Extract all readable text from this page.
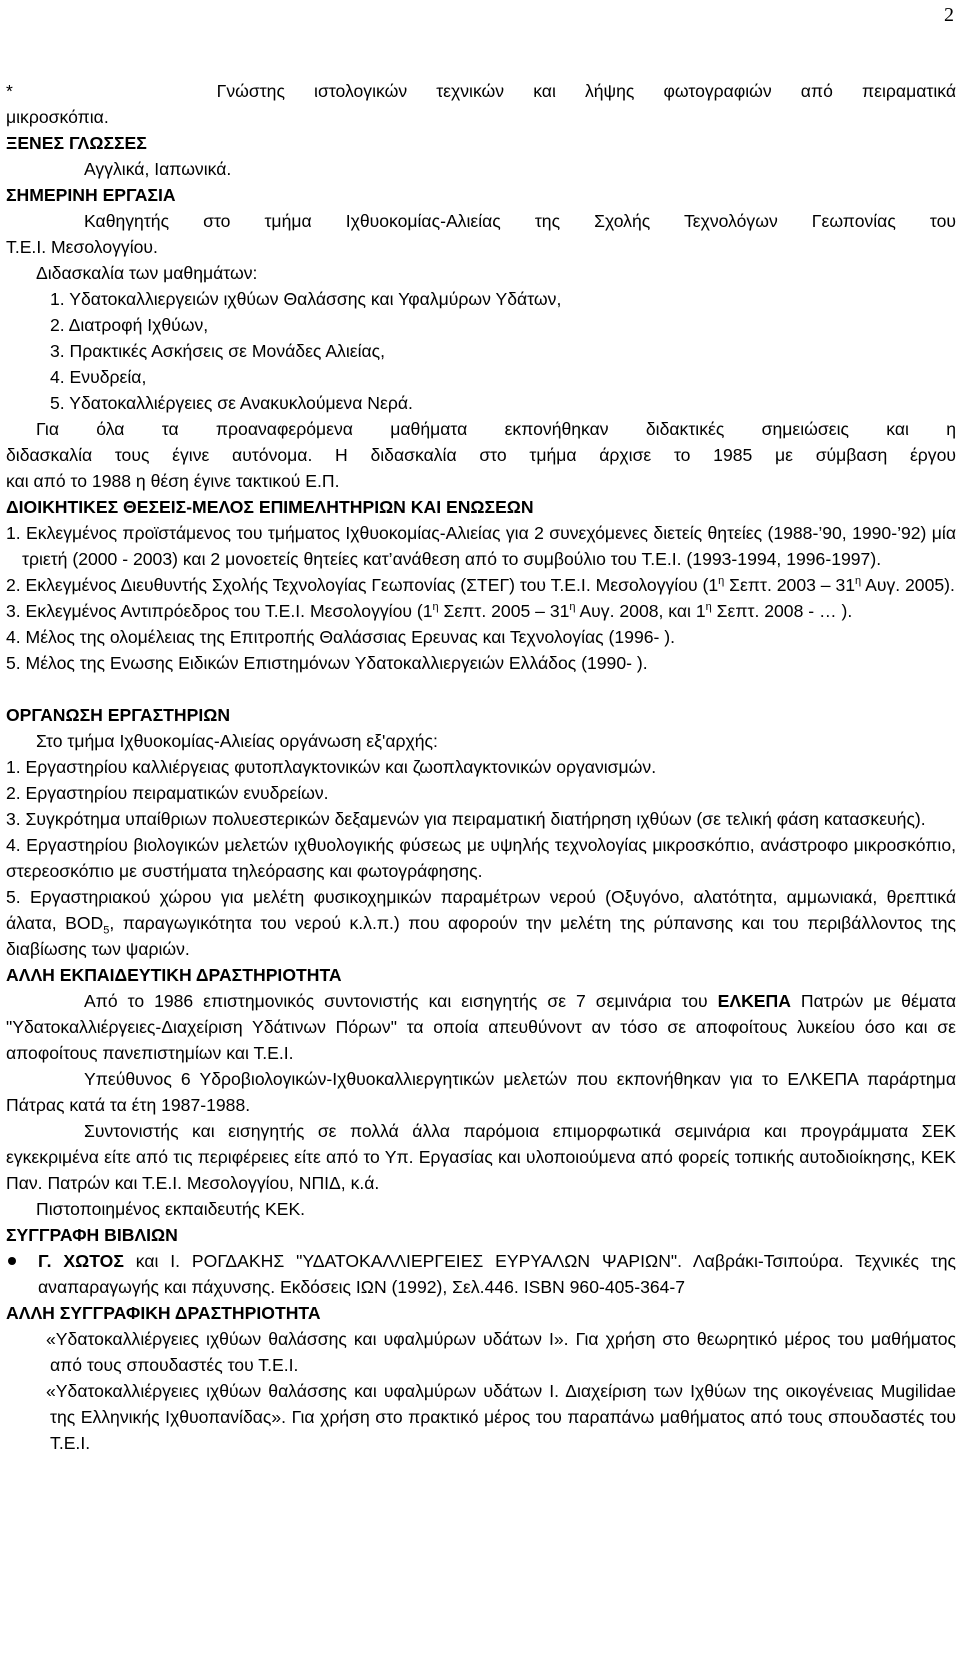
2

*       Γνώστης ιστολογικών τεχνικών και λήψης φωτογραφιών από πειραματικά

μικροσκόπια.

ΞΕΝΕΣ ΓΛΩΣΣΕΣ

Αγγλικά, Ιαπωνικά.

ΣΗΜΕΡΙΝΗ ΕΡΓΑΣΙΑ

Καθηγητής στο τμήμα Ιχθυοκομίας-Αλιείας της Σχολής Τεχνολόγων Γεωπονίας του

Τ.Ε.Ι. Μεσολογγίου.

Διδασκαλία των μαθημάτων:

1. Υδατοκαλλιεργειών ιχθύων Θαλάσσης και Υφαλμύρων Υδάτων,

2. Διατροφή Ιχθύων,

3. Πρακτικές Ασκήσεις σε Μονάδες Αλιείας,

4. Ενυδρεία,

5. Υδατοκαλλιέργειες σε Ανακυκλούμενα Νερά.

Για όλα τα προαναφερόμενα μαθήματα εκπονήθηκαν διδακτικές σημειώσεις και η

διδασκαλία τους έγινε αυτόνομα. Η διδασκαλία στο τμήμα άρχισε το 1985 με σύμβαση έργου

και από το 1988 η θέση έγινε τακτικού Ε.Π.

ΔΙΟΙΚΗΤΙΚΕΣ ΘΕΣΕΙΣ-ΜΕΛΟΣ ΕΠΙΜΕΛΗΤΗΡΙΩΝ ΚΑΙ ΕΝΩΣΕΩΝ

1. Εκλεγμένος προϊστάμενος του τμήματος Ιχθυοκομίας-Αλιείας για 2 συνεχόμενες διετείς θητείες (1988-’90, 1990-’92) μία τριετή (2000 - 2003) και 2 μονοετείς θητείες κατ’ανάθεση από το συμβούλιο του Τ.Ε.Ι. (1993-1994, 1996-1997).

2. Εκλεγμένος Διευθυντής Σχολής Τεχνολογίας Γεωπονίας (ΣΤΕΓ) του Τ.Ε.Ι. Μεσολογγίου ($1^\eta$ Σεπτ. $2003 - 31^\eta$ Αυγ. 2005).

3. Εκλεγμένος Αντιπρόεδρος του Τ.Ε.Ι. Μεσολογγίου ($1^\eta$ Σεπτ. $2005 - 31^\eta$ Αυγ. 2008, και $1^\eta$ Σεπτ. 2008 - … ).

4. Μέλος της ολομέλειας της Επιτροπής Θαλάσσιας Ερευνας και Τεχνολογίας (1996- ).

5. Μέλος της Ενωσης Ειδικών Επιστημόνων Υδατοκαλλιεργειών Ελλάδος (1990- ).

ΟΡΓΑΝΩΣΗ ΕΡΓΑΣΤΗΡΙΩΝ

Στο τμήμα Ιχθυοκομίας-Αλιείας οργάνωση εξ'αρχής:

1. Εργαστηρίου καλλιέργειας φυτοπλαγκτονικών και ζωοπλαγκτονικών οργανισμών.

2. Εργαστηρίου πειραματικών ενυδρείων.

3. Συγκρότημα υπαίθριων πολυεστερικών δεξαμενών για πειραματική διατήρηση ιχθύων (σε τελική φάση κατασκευής).

4. Εργαστηρίου βιολογικών μελετών ιχθυολογικής φύσεως με υψηλής τεχνολογίας μικροσκόπιο, ανάστροφο μικροσκόπιο, στερεοσκόπιο με συστήματα τηλεόρασης και φωτογράφησης.

5. Εργαστηριακού χώρου για μελέτη φυσικοχημικών παραμέτρων νερού (Οξυγόνο, αλατότητα, αμμωνιακά, θρεπτικά άλατα, $BOD_5$, παραγωγικότητα του νερού κ.λ.π.) που αφορούν την μελέτη της ρύπανσης και του περιβάλλοντος της διαβίωσης των ψαριών.

ΑΛΛΗ ΕΚΠΑΙΔΕΥΤΙΚΗ ΔΡΑΣΤΗΡΙΟΤΗΤΑ

Από το 1986 επιστημονικός συντονιστής και εισηγητής σε 7 σεμινάρια του ΕΛΚΕΠΑ Πατρών με θέματα "Υδατοκαλλιέργειες-Διαχείριση Υδάτινων Πόρων" τα οποία απευθύνοντ αν τόσο σε αποφοίτους λυκείου όσο και σε αποφοίτους πανεπιστημίων και Τ.Ε.Ι.

Υπεύθυνος 6 Υδροβιολογικών-Ιχθυοκαλλιεργητικών μελετών που εκπονήθηκαν για το ΕΛΚΕΠΑ παράρτημα Πάτρας κατά τα έτη 1987-1988.

Συντονιστής και εισηγητής σε πολλά άλλα παρόμοια επιμορφωτικά σεμινάρια και προγράμματα ΣΕΚ εγκεκριμένα είτε από τις περιφέρειες είτε από το Υπ. Εργασίας και υλοποιούμενα από φορείς τοπικής αυτοδιοίκησης, ΚΕΚ Παν. Πατρών και Τ.Ε.Ι. Μεσολογγίου, ΝΠΙΔ, κ.ά.

Πιστοποιημένος εκπαιδευτής ΚΕΚ.

ΣΥΓΓΡΑΦΗ ΒΙΒΛΙΩΝ

Γ. ΧΩΤΟΣ και Ι. ΡΟΓΔΑΚΗΣ "ΥΔΑΤΟΚΑΛΛΙΕΡΓΕΙΕΣ ΕΥΡΥΑΛΩΝ ΨΑΡΙΩΝ". Λαβράκι-Τσιπούρα. Τεχνικές της αναπαραγωγής και πάχυνσης. Εκδόσεις ΙΩΝ (1992), Σελ.446. ISBN 960-405-364-7

ΑΛΛΗ ΣΥΓΓΡΑΦΙΚΗ ΔΡΑΣΤΗΡΙΟΤΗΤΑ

«Υδατοκαλλιέργειες ιχθύων θαλάσσης και υφαλμύρων υδάτων Ι». Για χρήση στο θεωρητικό μέρος του μαθήματος από τους σπουδαστές του Τ.Ε.Ι.

«Υδατοκαλλιέργειες ιχθύων θαλάσσης και υφαλμύρων υδάτων Ι. Διαχείριση των Ιχθύων της οικογένειας Mugilidae της Ελληνικής Ιχθυοπανίδας». Για χρήση στο πρακτικό μέρος του παραπάνω μαθήματος από τους σπουδαστές του Τ.Ε.Ι.
